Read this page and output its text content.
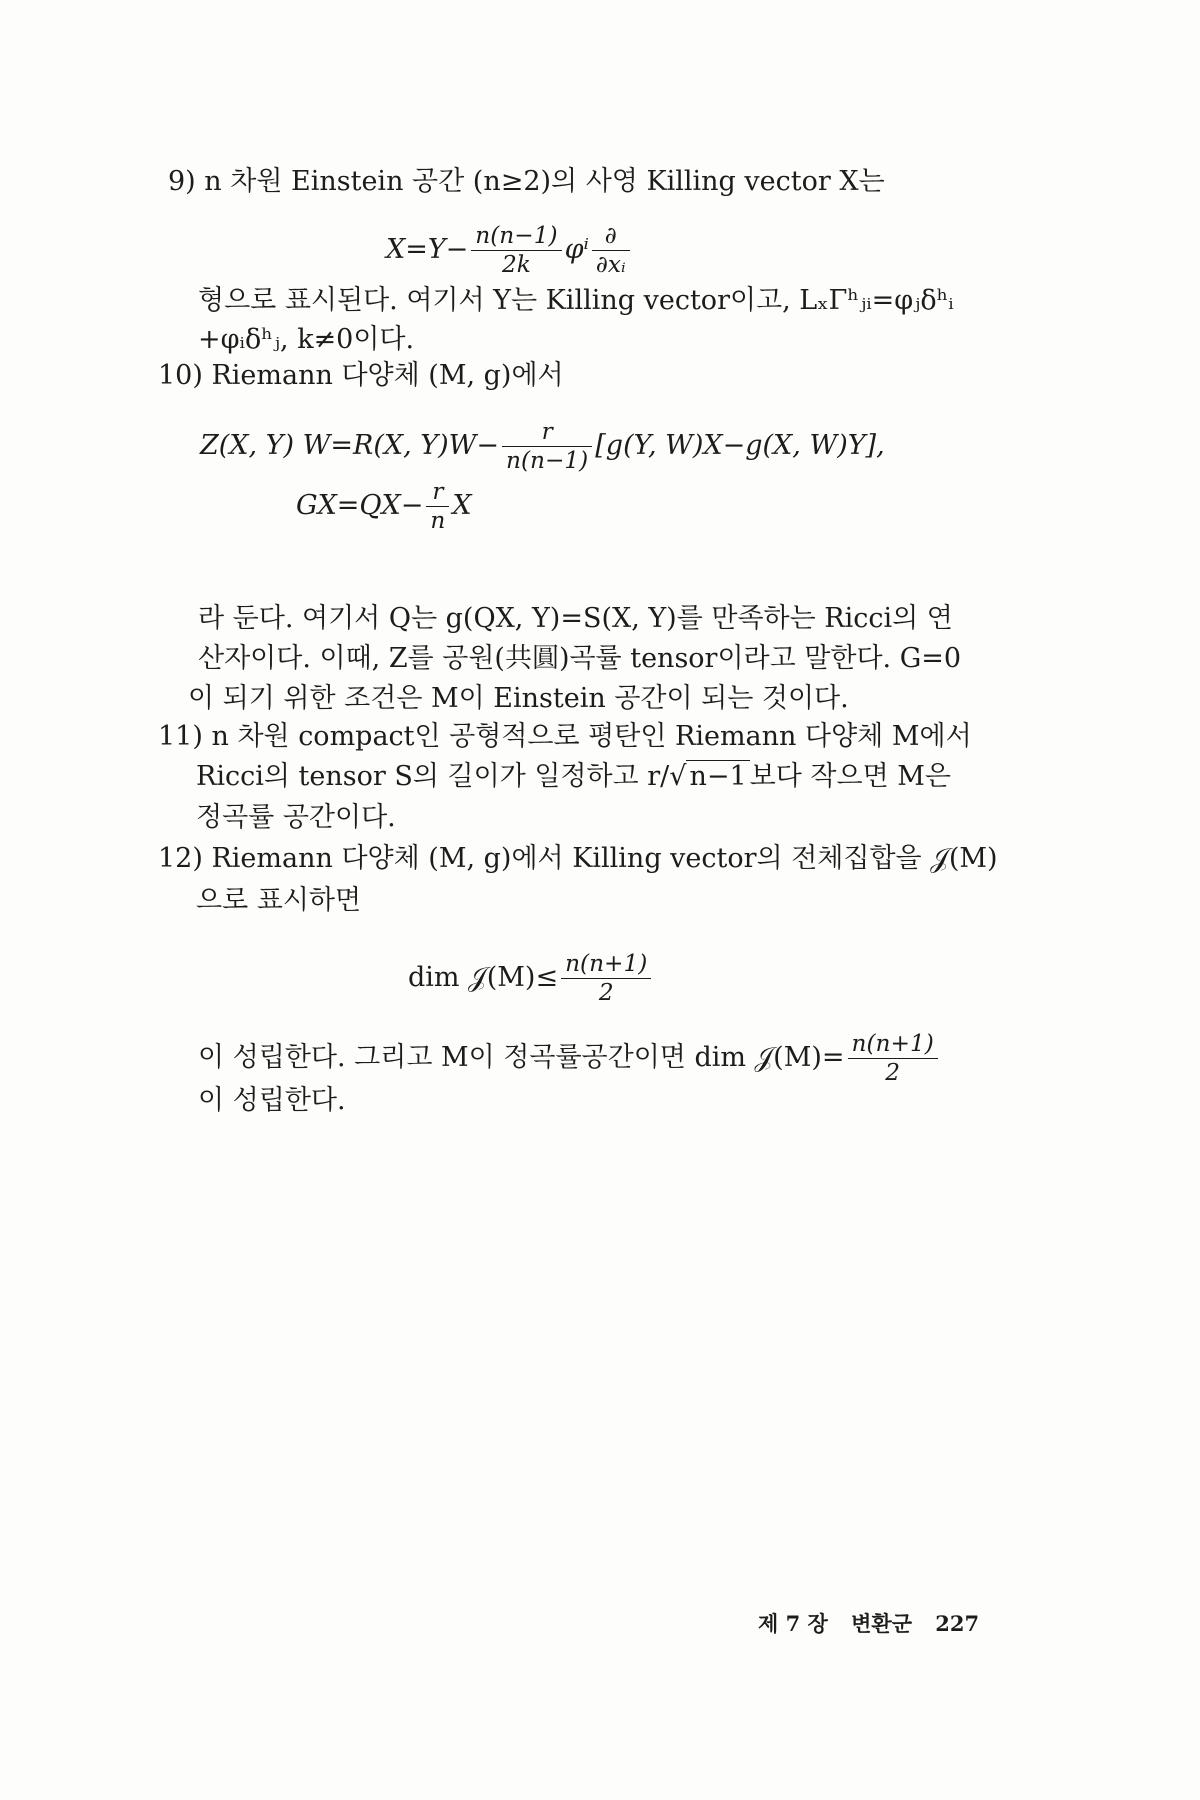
9) n 차원 Einstein 공간 (n≥2)의 사영 Killing vector X는
$X=Y- \frac{n(n-1)}{2k}$ φⁱ ∂
∂xᵢ
형으로 표시된다. 여기서 Y는 Killing vector이고, LₓΓʰⱼᵢ=φⱼδʰᵢ
+φᵢδʰⱼ, k≠0이다.
10) Riemann 다양체 (M, g)에서
Z(X, Y) W=R(X, $Y)W- \frac{r}{n(n-1)} [g(Y$, W)X−g(X, W)Y],
$GX=QX- \frac{r}{n}$ X
라 둔다. 여기서 Q는 g(QX, Y)=S(X, Y)를 만족하는 Ricci의 연
산자이다. 이때, Z를 공원(共圓)곡률 tensor이라고 말한다. G=0
이 되기 위한 조건은 M이 Einstein 공간이 되는 것이다.
11) n 차원 compact인 공형적으로 평탄인 Riemann 다양체 M에서
Ricci의 tensor S의 길이가 일정하고 r/√ n−1 보다 작으면 M은
정곡률 공간이다.
12) Riemann 다양체 (M, g)에서 Killing vector의 전체집합을 𝒥(M)
으로 표시하면
dim 𝒥(M)≤ $\frac{n(n+1)}{2}$
이 성립한다. 그리고 M이 정곡률공간이면 dim 𝒥(M)= $\frac{n(n+1)}{2}$
이 성립한다.
제 7 장 변환군 227
